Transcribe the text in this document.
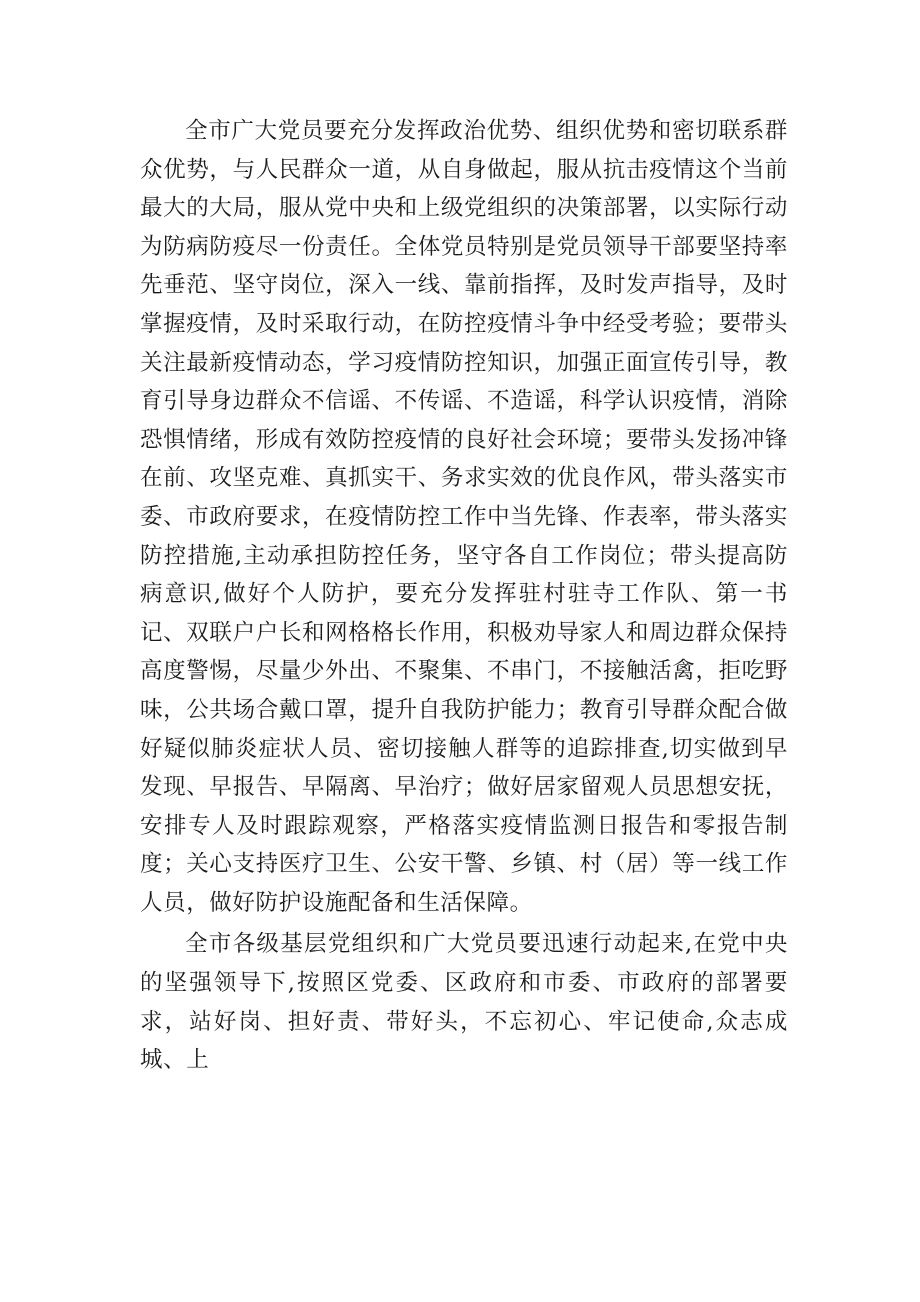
全市广大党员要充分发挥政治优势、组织优势和密切联系群众优势，与人民群众一道，从自身做起，服从抗击疫情这个当前最大的大局，服从党中央和上级党组织的决策部署，以实际行动为防病防疫尽一份责任。全体党员特别是党员领导干部要坚持率先垂范、坚守岗位，深入一线、靠前指挥，及时发声指导，及时掌握疫情，及时采取行动，在防控疫情斗争中经受考验；要带头关注最新疫情动态，学习疫情防控知识，加强正面宣传引导，教育引导身边群众不信谣、不传谣、不造谣，科学认识疫情，消除恐惧情绪，形成有效防控疫情的良好社会环境；要带头发扬冲锋在前、攻坚克难、真抓实干、务求实效的优良作风，带头落实市委、市政府要求，在疫情防控工作中当先锋、作表率，带头落实防控措施,主动承担防控任务，坚守各自工作岗位；带头提高防病意识,做好个人防护，要充分发挥驻村驻寺工作队、第一书记、双联户户长和网格格长作用，积极劝导家人和周边群众保持高度警惕，尽量少外出、不聚集、不串门，不接触活禽，拒吃野味，公共场合戴口罩，提升自我防护能力；教育引导群众配合做好疑似肺炎症状人员、密切接触人群等的追踪排查,切实做到早发现、早报告、早隔离、早治疗；做好居家留观人员思想安抚，安排专人及时跟踪观察，严格落实疫情监测日报告和零报告制度；关心支持医疗卫生、公安干警、乡镇、村（居）等一线工作人员，做好防护设施配备和生活保障。

全市各级基层党组织和广大党员要迅速行动起来,在党中央的坚强领导下,按照区党委、区政府和市委、市政府的部署要求，站好岗、担好责、带好头，不忘初心、牢记使命,众志成城、上
